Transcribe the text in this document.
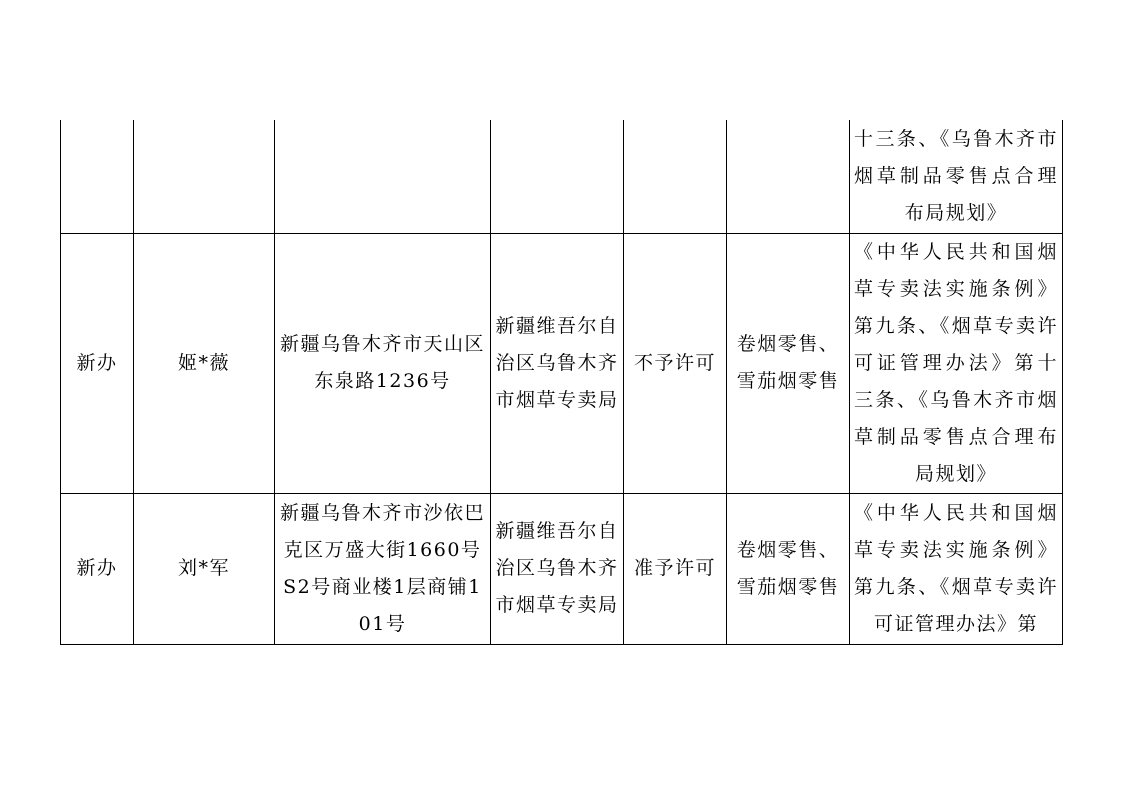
						十三条、《乌鲁木齐市烟草制品零售点合理布局规划》

新办	姬*薇	新疆乌鲁木齐市天山区东泉路1236号	新疆维吾尔自治区乌鲁木齐市烟草专卖局	不予许可	卷烟零售、雪茄烟零售	《中华人民共和国烟草专卖法实施条例》第九条、《烟草专卖许可证管理办法》第十三条、《乌鲁木齐市烟草制品零售点合理布局规划》

新办	刘*军	新疆乌鲁木齐市沙依巴克区万盛大街1660号S2号商业楼1层商铺101号	新疆维吾尔自治区乌鲁木齐市烟草专卖局	准予许可	卷烟零售、雪茄烟零售	《中华人民共和国烟草专卖法实施条例》第九条、《烟草专卖许可证管理办法》第
